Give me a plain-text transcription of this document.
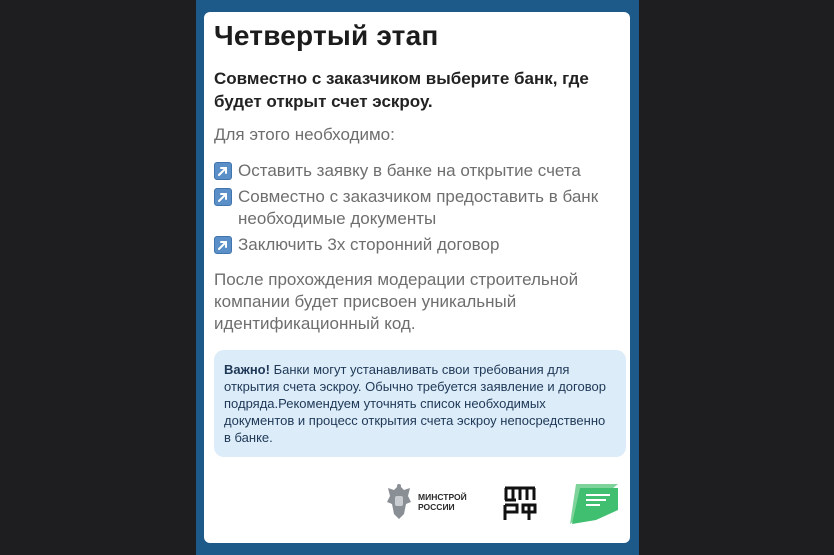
Четвертый этап
Совместно с заказчиком выберите банк, где будет открыт счет эскроу.
Для этого необходимо:
Оставить заявку в банке на открытие счета
Совместно с заказчиком предоставить в банк необходимые документы
Заключить 3х сторонний договор
После прохождения модерации строительной компании будет присвоен уникальный идентификационный код.
Важно! Банки могут устанавливать свои требования для открытия счета эскроу. Обычно требуется заявление и договор подряда.Рекомендуем уточнять список необходимых документов и процесс открытия счета эскроу непосредственно в банке.
МИНСТРОЙ
РОССИИ
